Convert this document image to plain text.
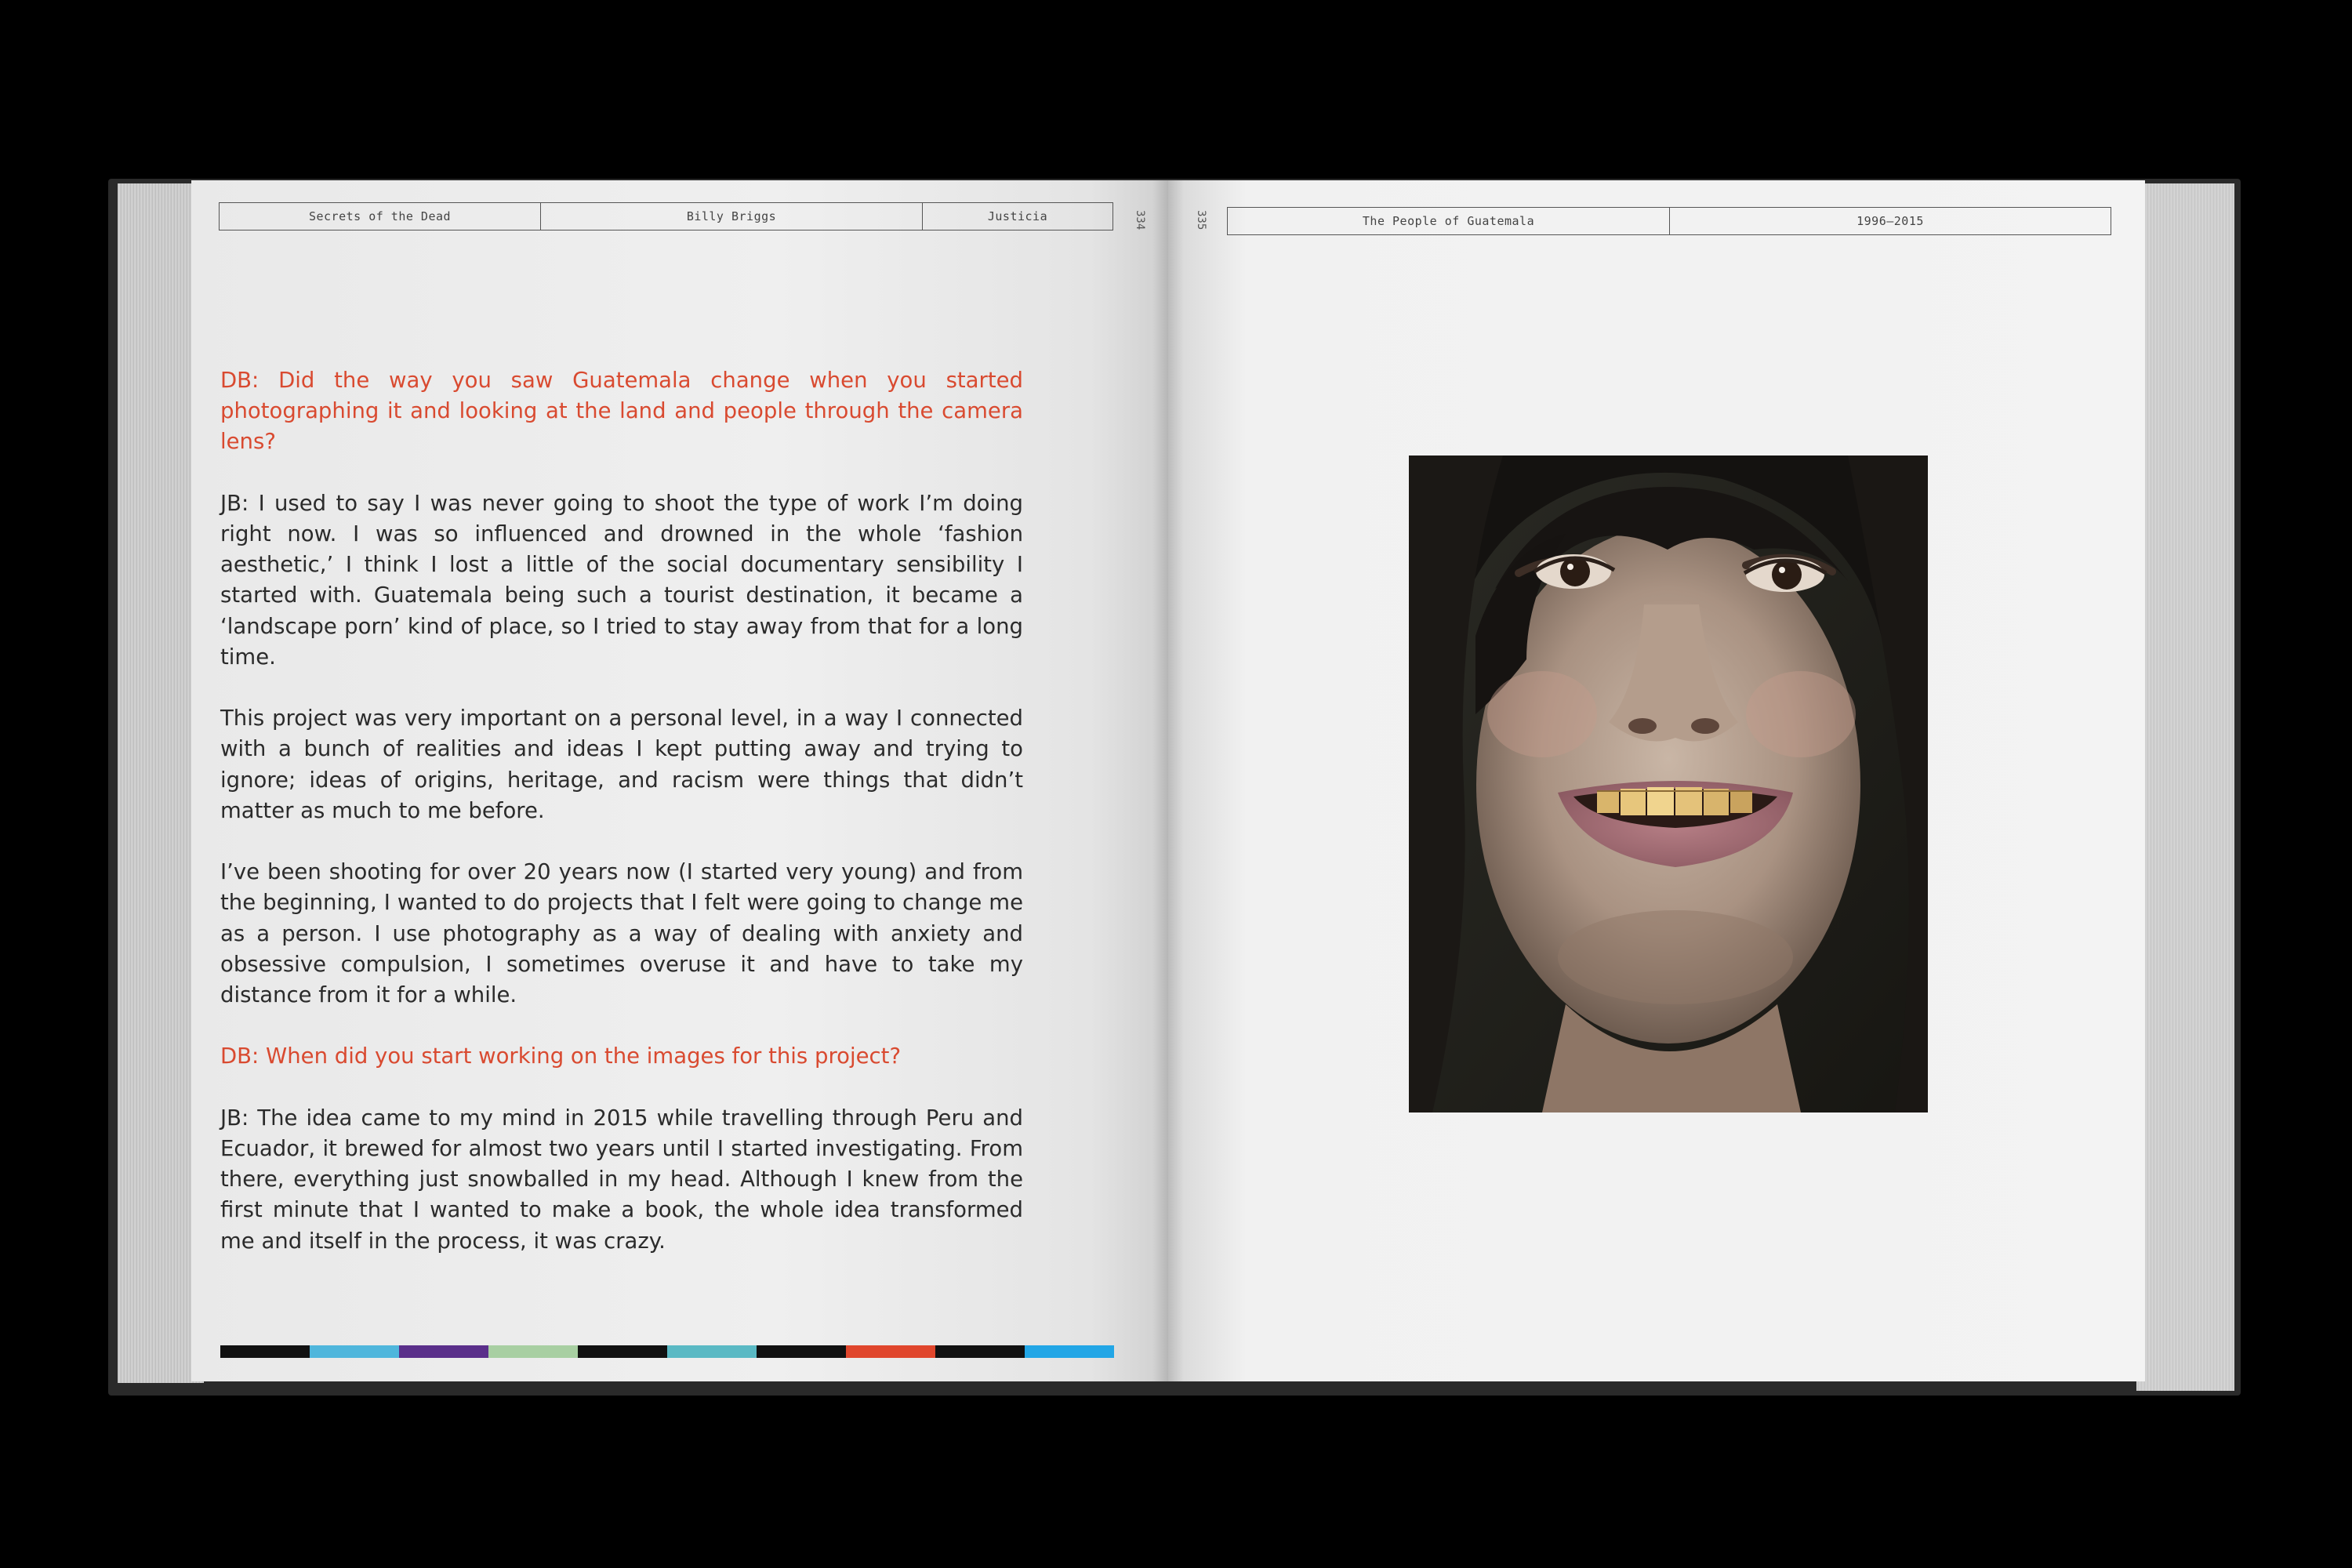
Secrets of the Dead	Billy Briggs	Justicia	334	The People of Guatemala	1996–2015
335

DB: Did the way you saw Guatemala change when you started photographing it and looking at the land and people through the camera lens?

JB: I used to say I was never going to shoot the type of work I’m doing right now. I was so influenced and drowned in the whole ‘fashion aesthetic,’ I think I lost a little of the social documentary sensibility I started with. Guatemala being such a tourist destination, it became a ‘landscape porn’ kind of place, so I tried to stay away from that for a long time.

This project was very important on a personal level, in a way I connected with a bunch of realities and ideas I kept putting away and trying to ignore; ideas of origins, heritage, and racism were things that didn’t matter as much to me before.

I’ve been shooting for over 20 years now (I started very young) and from the beginning, I wanted to do projects that I felt were going to change me as a person. I use photography as a way of dealing with anxiety and obsessive compulsion, I sometimes overuse it and have to take my distance from it for a while.

DB: When did you start working on the images for this project?

JB: The idea came to my mind in 2015 while travelling through Peru and Ecuador, it brewed for almost two years until I started investigating. From there, everything just snowballed in my head. Although I knew from the first minute that I wanted to make a book, the whole idea transformed me and itself in the process, it was crazy.
